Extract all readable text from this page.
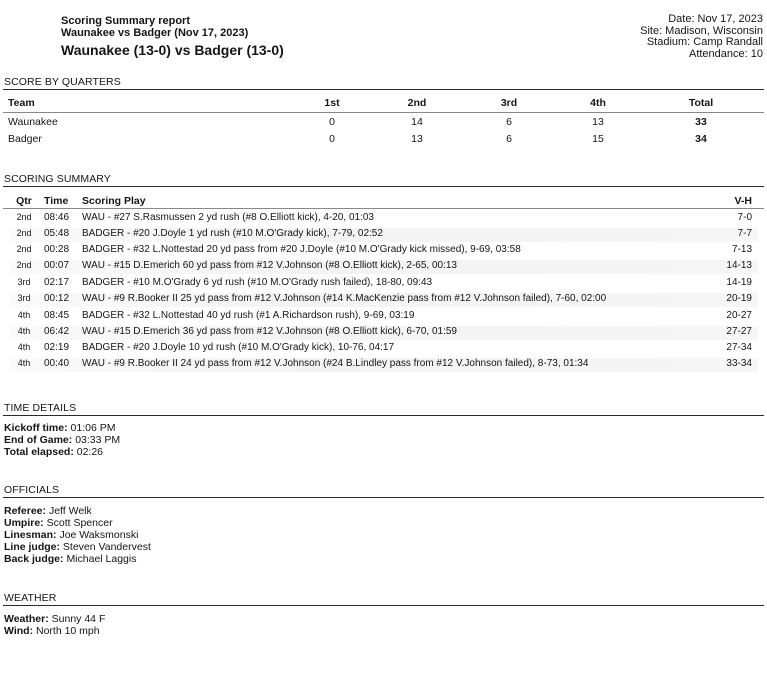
Scoring Summary report
Waunakee vs Badger (Nov 17, 2023)
Waunakee (13-0) vs Badger (13-0)
Date: Nov 17, 2023
Site: Madison, Wisconsin
Stadium: Camp Randall
Attendance: 10
SCORE BY QUARTERS
Team	1st	2nd	3rd	4th	Total
Waunakee	0	14	6	13	33
Badger	0	13	6	15	34
SCORING SUMMARY
Qtr	Time	Scoring Play	V-H
2nd	08:46	WAU - #27 S.Rasmussen 2 yd rush (#8 O.Elliott kick), 4-20, 01:03	7-0
2nd	05:48	BADGER - #20 J.Doyle 1 yd rush (#10 M.O'Grady kick), 7-79, 02:52	7-7
2nd	00:28	BADGER - #32 L.Nottestad 20 yd pass from #20 J.Doyle (#10 M.O'Grady kick missed), 9-69, 03:58	7-13
2nd	00:07	WAU - #15 D.Emerich 60 yd pass from #12 V.Johnson (#8 O.Elliott kick), 2-65, 00:13	14-13
3rd	02:17	BADGER - #10 M.O'Grady 6 yd rush (#10 M.O'Grady rush failed), 18-80, 09:43	14-19
3rd	00:12	WAU - #9 R.Booker II 25 yd pass from #12 V.Johnson (#14 K.MacKenzie pass from #12 V.Johnson failed), 7-60, 02:00	20-19
4th	08:45	BADGER - #32 L.Nottestad 40 yd rush (#1 A.Richardson rush), 9-69, 03:19	20-27
4th	06:42	WAU - #15 D.Emerich 36 yd pass from #12 V.Johnson (#8 O.Elliott kick), 6-70, 01:59	27-27
4th	02:19	BADGER - #20 J.Doyle 10 yd rush (#10 M.O'Grady kick), 10-76, 04:17	27-34
4th	00:40	WAU - #9 R.Booker II 24 yd pass from #12 V.Johnson (#24 B.Lindley pass from #12 V.Johnson failed), 8-73, 01:34	33-34
TIME DETAILS
Kickoff time: 01:06 PM
End of Game: 03:33 PM
Total elapsed: 02:26
OFFICIALS
Referee: Jeff Welk
Umpire: Scott Spencer
Linesman: Joe Waksmonski
Line judge: Steven Vandervest
Back judge: Michael Laggis
WEATHER
Weather: Sunny 44 F
Wind: North 10 mph
